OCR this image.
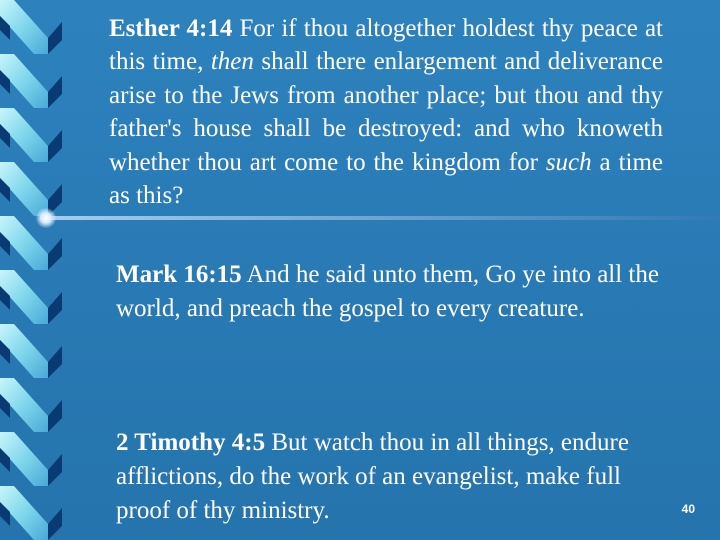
Esther 4:14 For if thou altogether holdest thy peace at this time, then shall there enlargement and deliverance arise to the Jews from another place; but thou and thy father's house shall be destroyed: and who knoweth whether thou art come to the kingdom for such a time as this?

Mark 16:15 And he said unto them, Go ye into all the world, and preach the gospel to every creature.

2 Timothy 4:5 But watch thou in all things, endure afflictions, do the work of an evangelist, make full proof of thy ministry.	40
